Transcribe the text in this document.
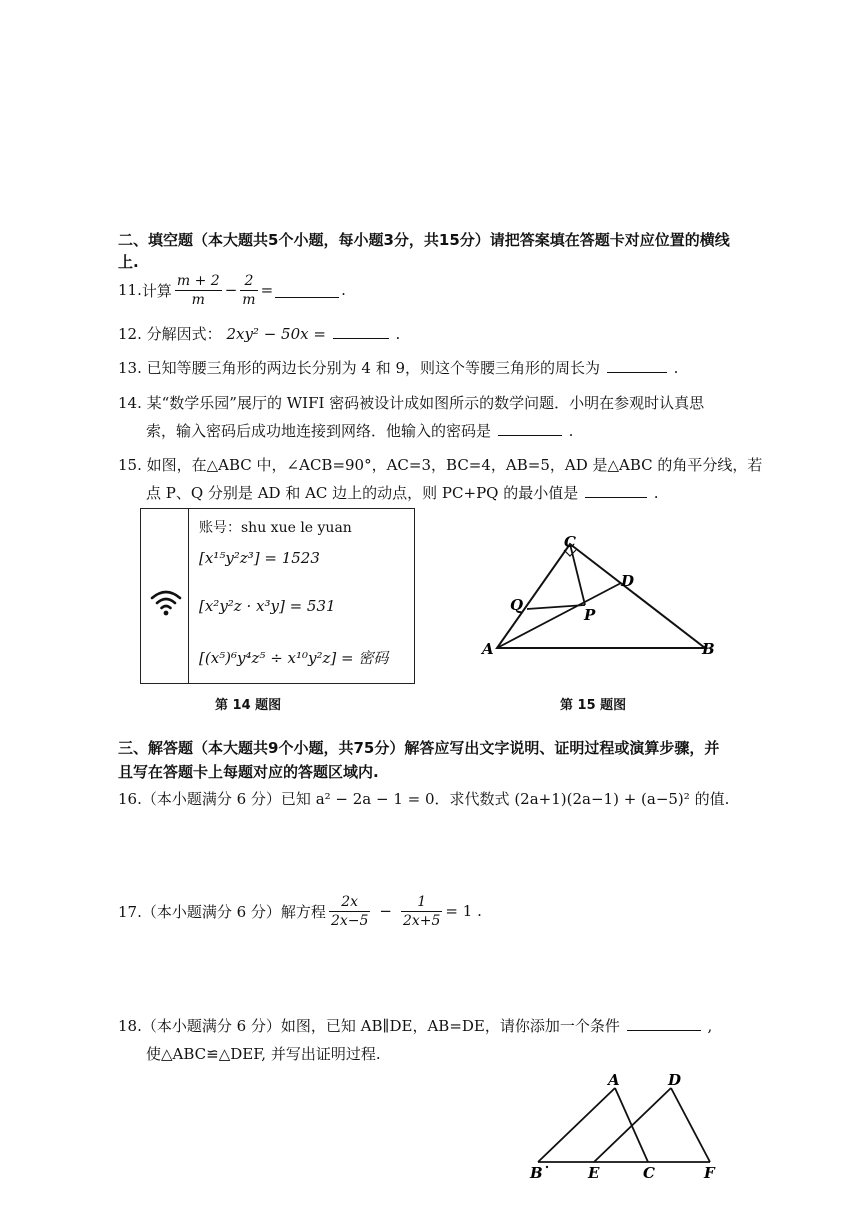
二、填空题（本大题共5个小题，每小题3分，共15分）请把答案填在答题卡对应位置的横线
上.
11. 计算 $\frac{m + 2}{m} - \frac{2}{m}$ =	.
12. 分解因式： 2xy² − 50x =	.
13. 已知等腰三角形的两边长分别为 4 和 9，则这个等腰三角形的周长为	.
14. 某“数学乐园”展厅的 WIFI 密码被设计成如图所示的数学问题．小明在参观时认真思
索，输入密码后成功地连接到网络．他输入的密码是	.
15. 如图，在△ABC 中，∠ACB=90°，AC=3，BC=4，AB=5，AD 是△ABC 的角平分线，若
点 P、Q 分别是 AD 和 AC 边上的动点，则 PC+PQ 的最小值是	.
账号：shu xue le yuan
[x¹⁵y²z³] = 1523
[x²y²z · x³y] = 531
[(x⁵)⁶y⁴z⁵ ÷ x¹⁰y²z] = 密码
第 14 题图
C
D
Q
P
A	B
第 15 题图
三、解答题（本大题共9个小题，共75分）解答应写出文字说明、证明过程或演算步骤，并
且写在答题卡上每题对应的答题区域内.
16.（本小题满分 6 分）已知 a² − 2a − 1 = 0．求代数式 (2a+1)(2a−1) + (a−5)² 的值.
17.（本小题满分 6 分）解方程 $\frac{2x}{2x-5} - \frac{1}{2x+5} = 1$ .
18.（本小题满分 6 分）如图，已知 AB∥DE，AB=DE，请你添加一个条件	,
使△ABC≌△DEF, 并写出证明过程.
A	D
B	E	C	F
